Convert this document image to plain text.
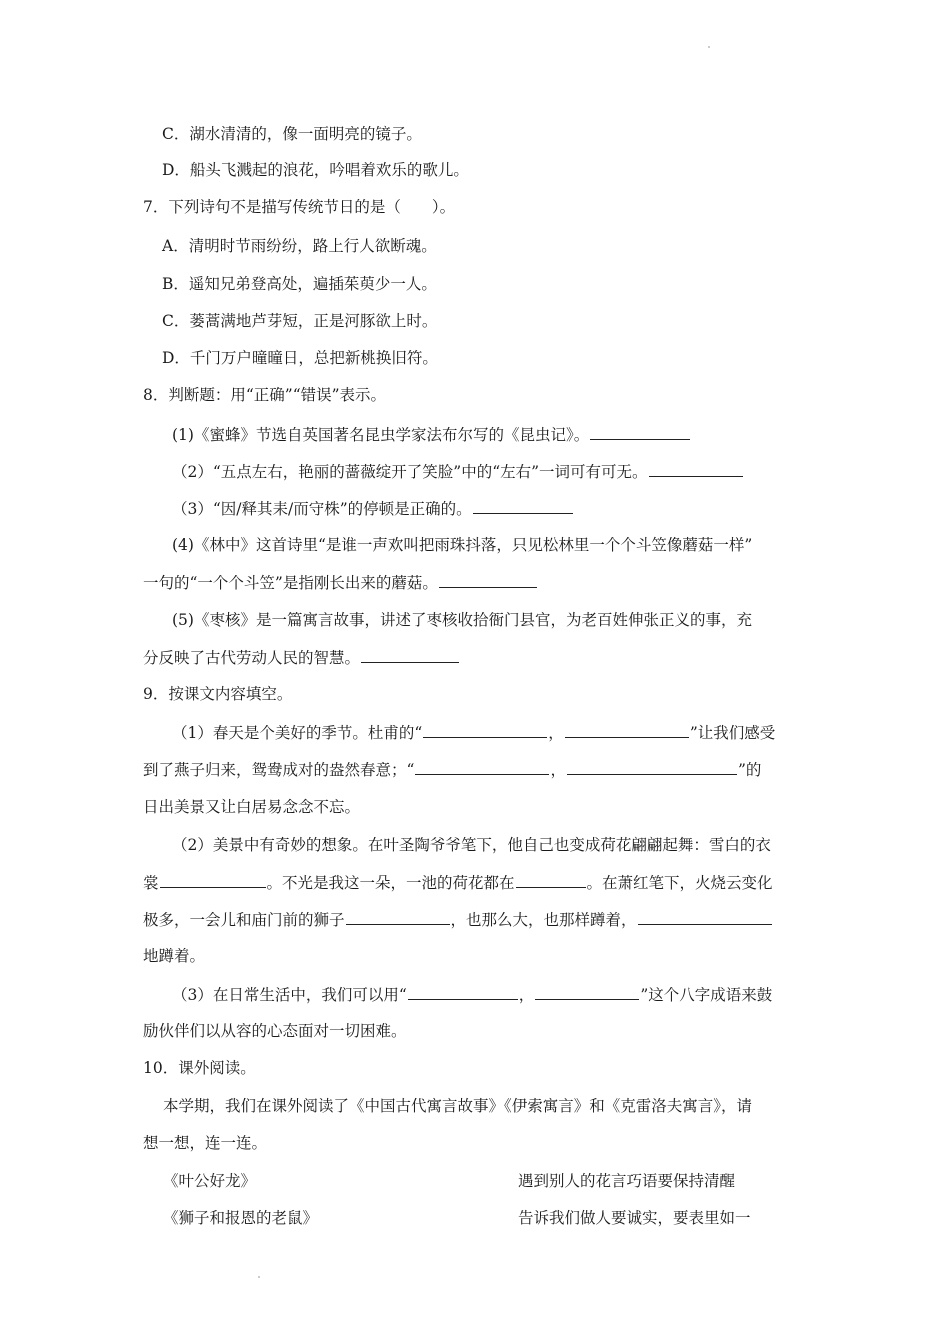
C．湖水清清的，像一面明亮的镜子。
D．船头飞溅起的浪花，吟唱着欢乐的歌儿。
7．下列诗句不是描写传统节日的是（　　）。
A．清明时节雨纷纷，路上行人欲断魂。
B．遥知兄弟登高处，遍插茱萸少一人。
C．蒌蒿满地芦芽短，正是河豚欲上时。
D．千门万户曈曈日，总把新桃换旧符。
8．判断题：用“正确”“错误”表示。
(1)《蜜蜂》节选自英国著名昆虫学家法布尔写的《昆虫记》。
（2）“五点左右，艳丽的蔷薇绽开了笑脸”中的“左右”一词可有可无。
（3）“因/释其耒/而守株”的停顿是正确的。
(4)《林中》这首诗里“是谁一声欢叫把雨珠抖落，只见松林里一个个斗笠像蘑菇一样”
一句的“一个个斗笠”是指刚长出来的蘑菇。
(5)《枣核》是一篇寓言故事，讲述了枣核收拾衙门县官，为老百姓伸张正义的事，充
分反映了古代劳动人民的智慧。
9．按课文内容填空。
（1）春天是个美好的季节。杜甫的“	，	”让我们感受
到了燕子归来，鸳鸯成对的盎然春意；“	，	”的
日出美景又让白居易念念不忘。
（2）美景中有奇妙的想象。在叶圣陶爷爷笔下，他自己也变成荷花翩翩起舞：雪白的衣
裳	。不光是我这一朵，一池的荷花都在	。在萧红笔下，火烧云变化
极多，一会儿和庙门前的狮子	，也那么大，也那样蹲着，
地蹲着。
（3）在日常生活中，我们可以用“	，	”这个八字成语来鼓
励伙伴们以从容的心态面对一切困难。
10．课外阅读。
本学期，我们在课外阅读了《中国古代寓言故事》《伊索寓言》和《克雷洛夫寓言》，请
想一想，连一连。
《叶公好龙》	遇到别人的花言巧语要保持清醒
《狮子和报恩的老鼠》	告诉我们做人要诚实，要表里如一
